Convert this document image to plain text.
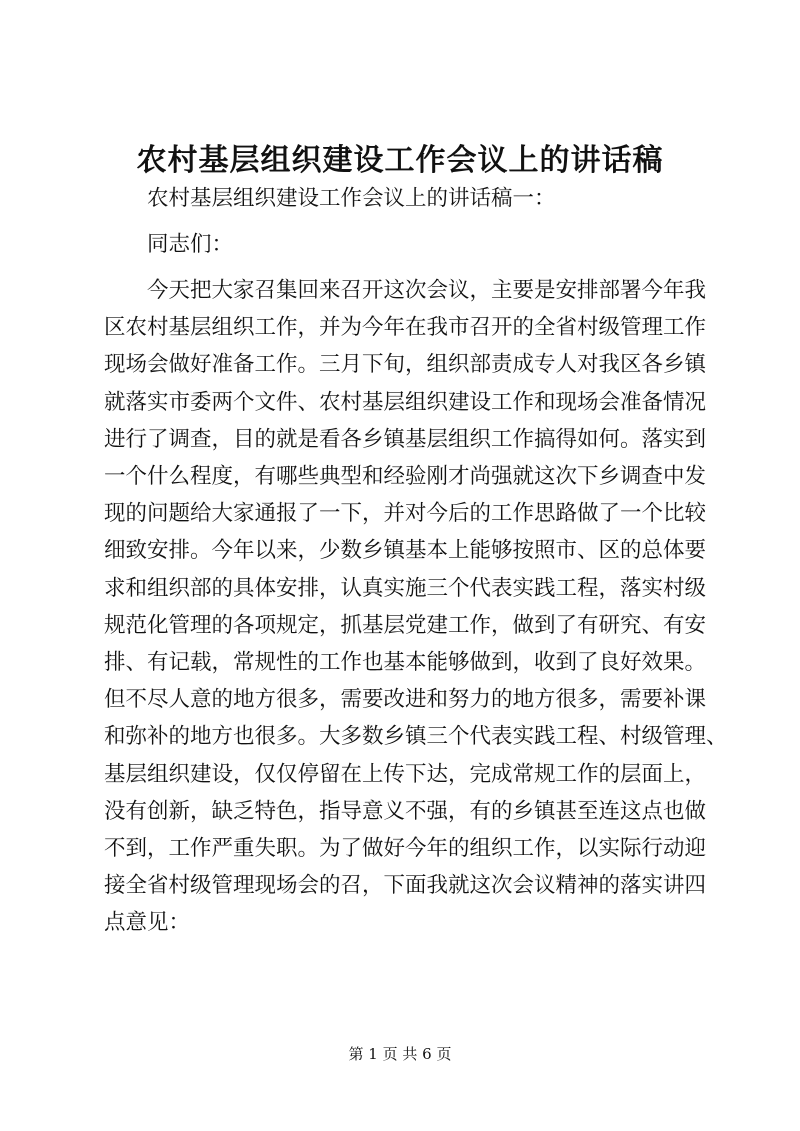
农村基层组织建设工作会议上的讲话稿
农村基层组织建设工作会议上的讲话稿一：
同志们：
今天把大家召集回来召开这次会议，主要是安排部署今年我
区农村基层组织工作，并为今年在我市召开的全省村级管理工作
现场会做好准备工作。三月下旬，组织部责成专人对我区各乡镇
就落实市委两个文件、农村基层组织建设工作和现场会准备情况
进行了调查，目的就是看各乡镇基层组织工作搞得如何。落实到
一个什么程度，有哪些典型和经验刚才尚强就这次下乡调查中发
现的问题给大家通报了一下，并对今后的工作思路做了一个比较
细致安排。今年以来，少数乡镇基本上能够按照市、区的总体要
求和组织部的具体安排，认真实施三个代表实践工程，落实村级
规范化管理的各项规定，抓基层党建工作，做到了有研究、有安
排、有记载，常规性的工作也基本能够做到，收到了良好效果。
但不尽人意的地方很多，需要改进和努力的地方很多，需要补课
和弥补的地方也很多。大多数乡镇三个代表实践工程、村级管理、
基层组织建设，仅仅停留在上传下达，完成常规工作的层面上，
没有创新，缺乏特色，指导意义不强，有的乡镇甚至连这点也做
不到，工作严重失职。为了做好今年的组织工作，以实际行动迎
接全省村级管理现场会的召，下面我就这次会议精神的落实讲四
点意见：
第 1 页 共 6 页
